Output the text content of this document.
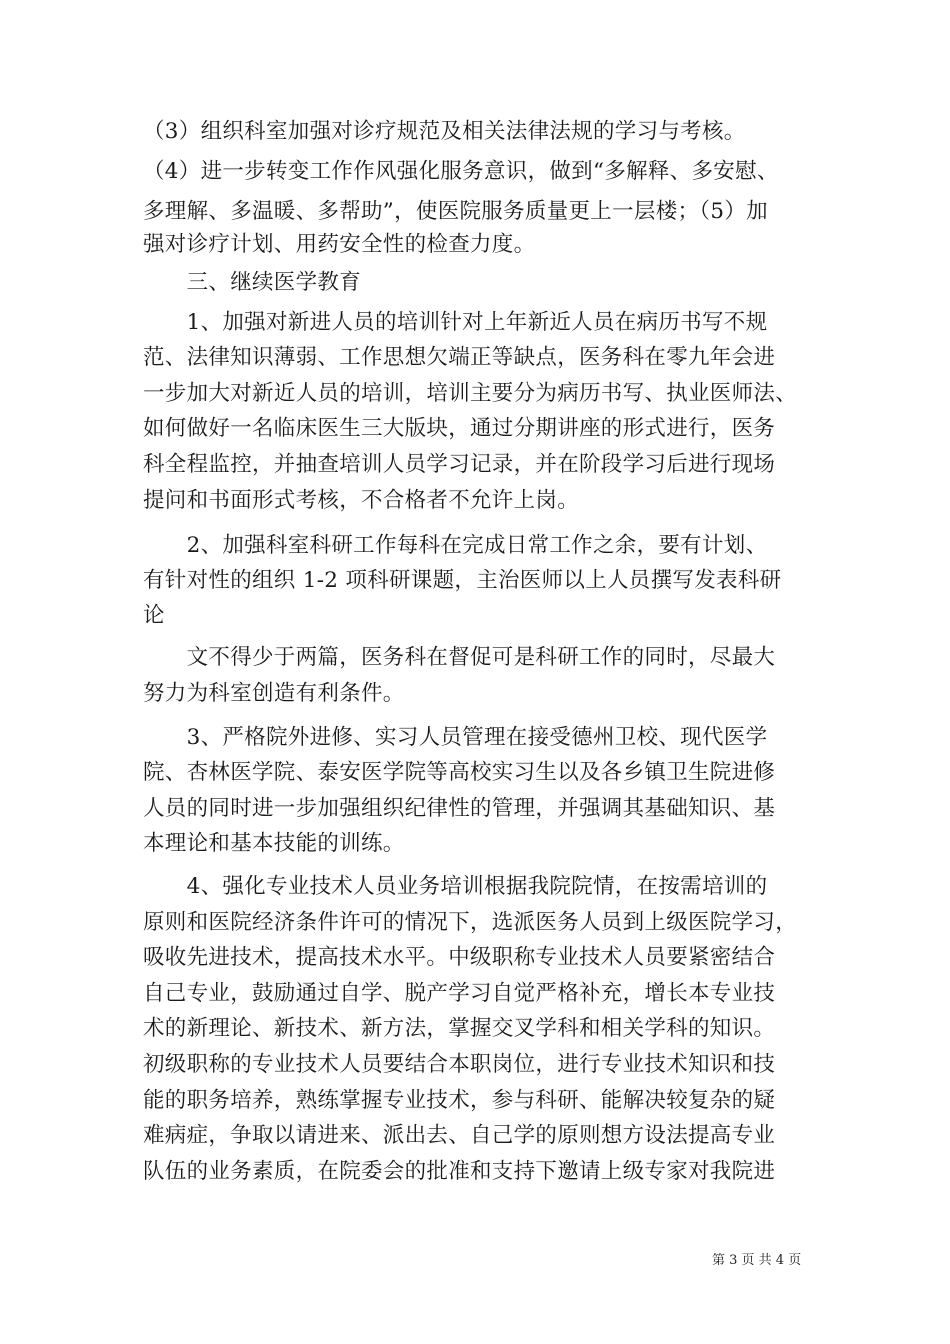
（3）组织科室加强对诊疗规范及相关法律法规的学习与考核。
（4）进一步转变工作作风强化服务意识，做到“多解释、多安慰、
多理解、多温暖、多帮助”，使医院服务质量更上一层楼；（5）加
强对诊疗计划、用药安全性的检查力度。
　　三、继续医学教育
　　1、加强对新进人员的培训针对上年新近人员在病历书写不规
范、法律知识薄弱、工作思想欠端正等缺点，医务科在零九年会进
一步加大对新近人员的培训，培训主要分为病历书写、执业医师法、
如何做好一名临床医生三大版块，通过分期讲座的形式进行，医务
科全程监控，并抽查培训人员学习记录，并在阶段学习后进行现场
提问和书面形式考核，不合格者不允许上岗。
　　2、加强科室科研工作每科在完成日常工作之余，要有计划、
有针对性的组织 1-2 项科研课题，主治医师以上人员撰写发表科研
论
　　文不得少于两篇，医务科在督促可是科研工作的同时，尽最大
努力为科室创造有利条件。
　　3、严格院外进修、实习人员管理在接受德州卫校、现代医学
院、杏林医学院、泰安医学院等高校实习生以及各乡镇卫生院进修
人员的同时进一步加强组织纪律性的管理，并强调其基础知识、基
本理论和基本技能的训练。
　　4、强化专业技术人员业务培训根据我院院情，在按需培训的
原则和医院经济条件许可的情况下，选派医务人员到上级医院学习，
吸收先进技术，提高技术水平。中级职称专业技术人员要紧密结合
自己专业，鼓励通过自学、脱产学习自觉严格补充，增长本专业技
术的新理论、新技术、新方法，掌握交叉学科和相关学科的知识。
初级职称的专业技术人员要结合本职岗位，进行专业技术知识和技
能的职务培养，熟练掌握专业技术，参与科研、能解决较复杂的疑
难病症，争取以请进来、派出去、自己学的原则想方设法提高专业
队伍的业务素质，在院委会的批准和支持下邀请上级专家对我院进
第 3 页 共 4 页
